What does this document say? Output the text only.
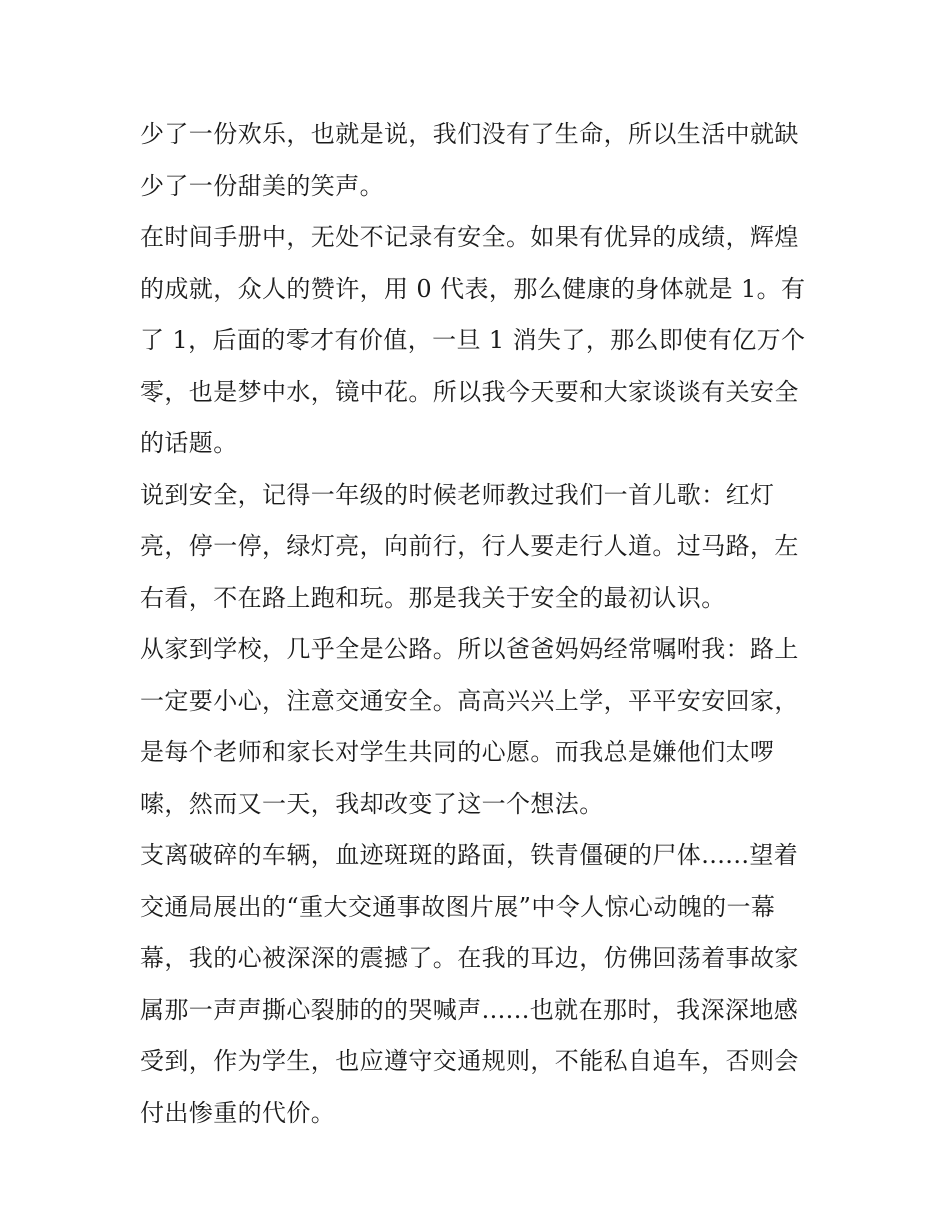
少了一份欢乐，也就是说，我们没有了生命，所以生活中就缺
少了一份甜美的笑声。
在时间手册中，无处不记录有安全。如果有优异的成绩，辉煌
的成就，众人的赞许，用 0 代表，那么健康的身体就是 1。有
了 1，后面的零才有价值，一旦 1 消失了，那么即使有亿万个
零，也是梦中水，镜中花。所以我今天要和大家谈谈有关安全
的话题。
说到安全，记得一年级的时候老师教过我们一首儿歌：红灯
亮，停一停，绿灯亮，向前行，行人要走行人道。过马路，左
右看，不在路上跑和玩。那是我关于安全的最初认识。
从家到学校，几乎全是公路。所以爸爸妈妈经常嘱咐我：路上
一定要小心，注意交通安全。高高兴兴上学，平平安安回家，
是每个老师和家长对学生共同的心愿。而我总是嫌他们太啰
嗦，然而又一天，我却改变了这一个想法。
支离破碎的车辆，血迹斑斑的路面，铁青僵硬的尸体......望着
交通局展出的“重大交通事故图片展”中令人惊心动魄的一幕
幕，我的心被深深的震撼了。在我的耳边，仿佛回荡着事故家
属那一声声撕心裂肺的的哭喊声......也就在那时，我深深地感
受到，作为学生，也应遵守交通规则，不能私自追车，否则会
付出惨重的代价。
